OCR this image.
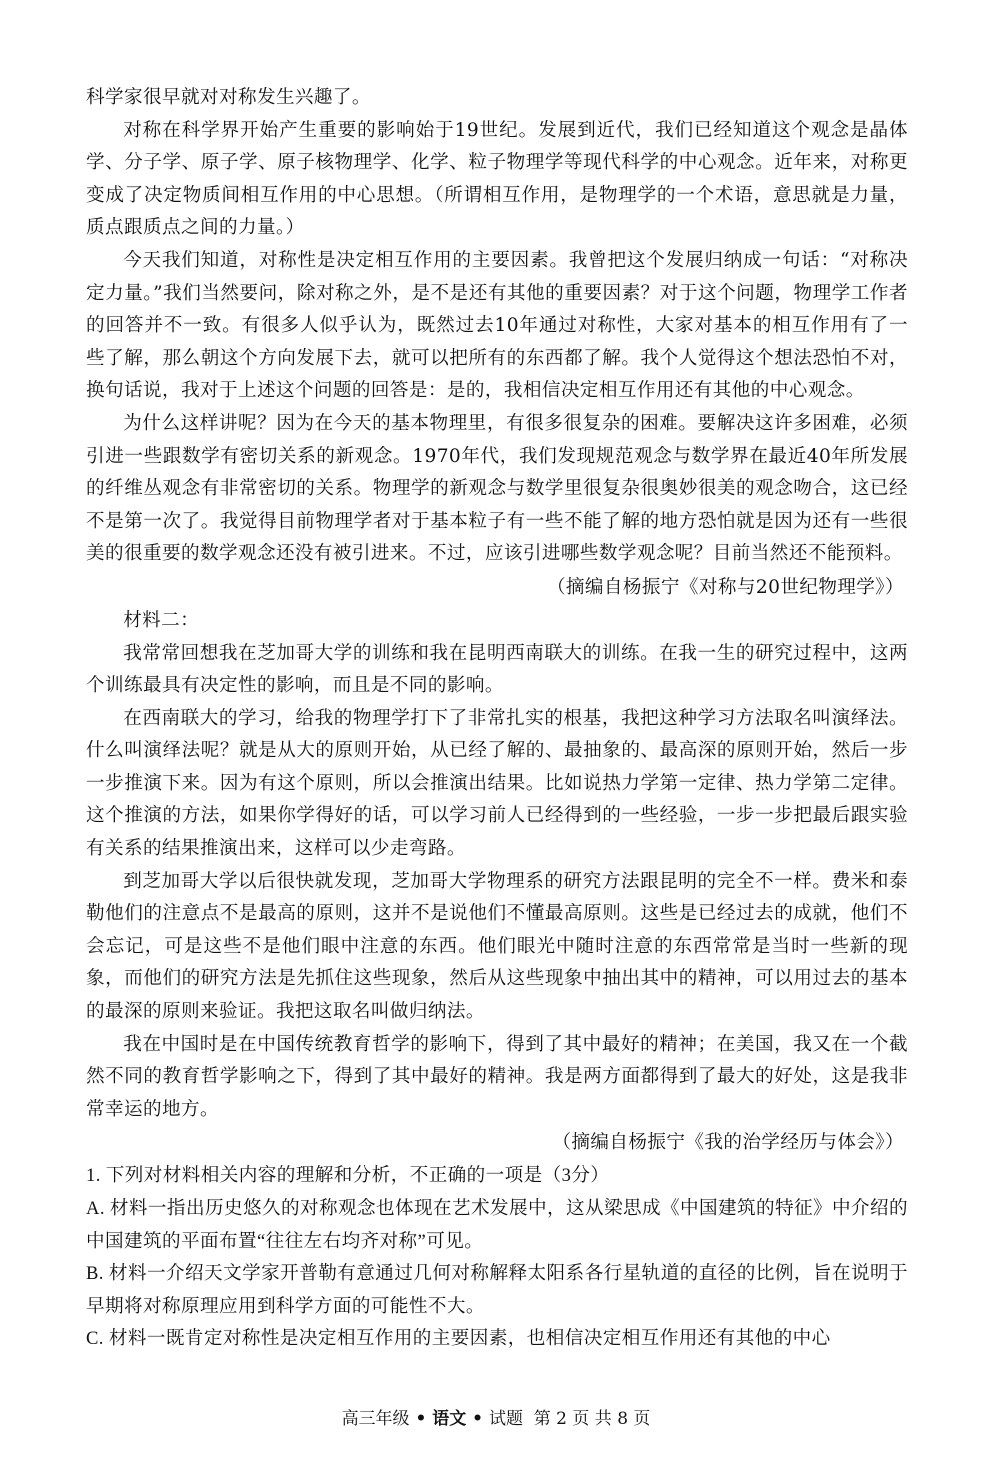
科学家很早就对对称发生兴趣了。

对称在科学界开始产生重要的影响始于19世纪。发展到近代，我们已经知道这个观念是晶体学、分子学、原子学、原子核物理学、化学、粒子物理学等现代科学的中心观念。近年来，对称更变成了决定物质间相互作用的中心思想。（所谓相互作用，是物理学的一个术语，意思就是力量，质点跟质点之间的力量。）

今天我们知道，对称性是决定相互作用的主要因素。我曾把这个发展归纳成一句话：“对称决定力量。”我们当然要问，除对称之外，是不是还有其他的重要因素？对于这个问题，物理学工作者的回答并不一致。有很多人似乎认为，既然过去10年通过对称性，大家对基本的相互作用有了一些了解，那么朝这个方向发展下去，就可以把所有的东西都了解。我个人觉得这个想法恐怕不对，换句话说，我对于上述这个问题的回答是：是的，我相信决定相互作用还有其他的中心观念。

为什么这样讲呢？因为在今天的基本物理里，有很多很复杂的困难。要解决这许多困难，必须引进一些跟数学有密切关系的新观念。1970年代，我们发现规范观念与数学界在最近40年所发展的纤维丛观念有非常密切的关系。物理学的新观念与数学里很复杂很奥妙很美的观念吻合，这已经不是第一次了。我觉得目前物理学者对于基本粒子有一些不能了解的地方恐怕就是因为还有一些很美的很重要的数学观念还没有被引进来。不过，应该引进哪些数学观念呢？目前当然还不能预料。

（摘编自杨振宁《对称与20世纪物理学》）

材料二：

我常常回想我在芝加哥大学的训练和我在昆明西南联大的训练。在我一生的研究过程中，这两个训练最具有决定性的影响，而且是不同的影响。

在西南联大的学习，给我的物理学打下了非常扎实的根基，我把这种学习方法取名叫演绎法。什么叫演绎法呢？就是从大的原则开始，从已经了解的、最抽象的、最高深的原则开始，然后一步一步推演下来。因为有这个原则，所以会推演出结果。比如说热力学第一定律、热力学第二定律。这个推演的方法，如果你学得好的话，可以学习前人已经得到的一些经验，一步一步把最后跟实验有关系的结果推演出来，这样可以少走弯路。

到芝加哥大学以后很快就发现，芝加哥大学物理系的研究方法跟昆明的完全不一样。费米和泰勒他们的注意点不是最高的原则，这并不是说他们不懂最高原则。这些是已经过去的成就，他们不会忘记，可是这些不是他们眼中注意的东西。他们眼光中随时注意的东西常常是当时一些新的现象，而他们的研究方法是先抓住这些现象，然后从这些现象中抽出其中的精神，可以用过去的基本的最深的原则来验证。我把这取名叫做归纳法。

我在中国时是在中国传统教育哲学的影响下，得到了其中最好的精神；在美国，我又在一个截然不同的教育哲学影响之下，得到了其中最好的精神。我是两方面都得到了最大的好处，这是我非常幸运的地方。

（摘编自杨振宁《我的治学经历与体会》）

1. 下列对材料相关内容的理解和分析，不正确的一项是（3分）

A. 材料一指出历史悠久的对称观念也体现在艺术发展中，这从梁思成《中国建筑的特征》中介绍的中国建筑的平面布置“往往左右均齐对称”可见。

B. 材料一介绍天文学家开普勒有意通过几何对称解释太阳系各行星轨道的直径的比例，旨在说明于早期将对称原理应用到科学方面的可能性不大。

C. 材料一既肯定对称性是决定相互作用的主要因素，也相信决定相互作用还有其他的中心

高三年级 • 语文 • 试题 第 2 页 共 8 页
